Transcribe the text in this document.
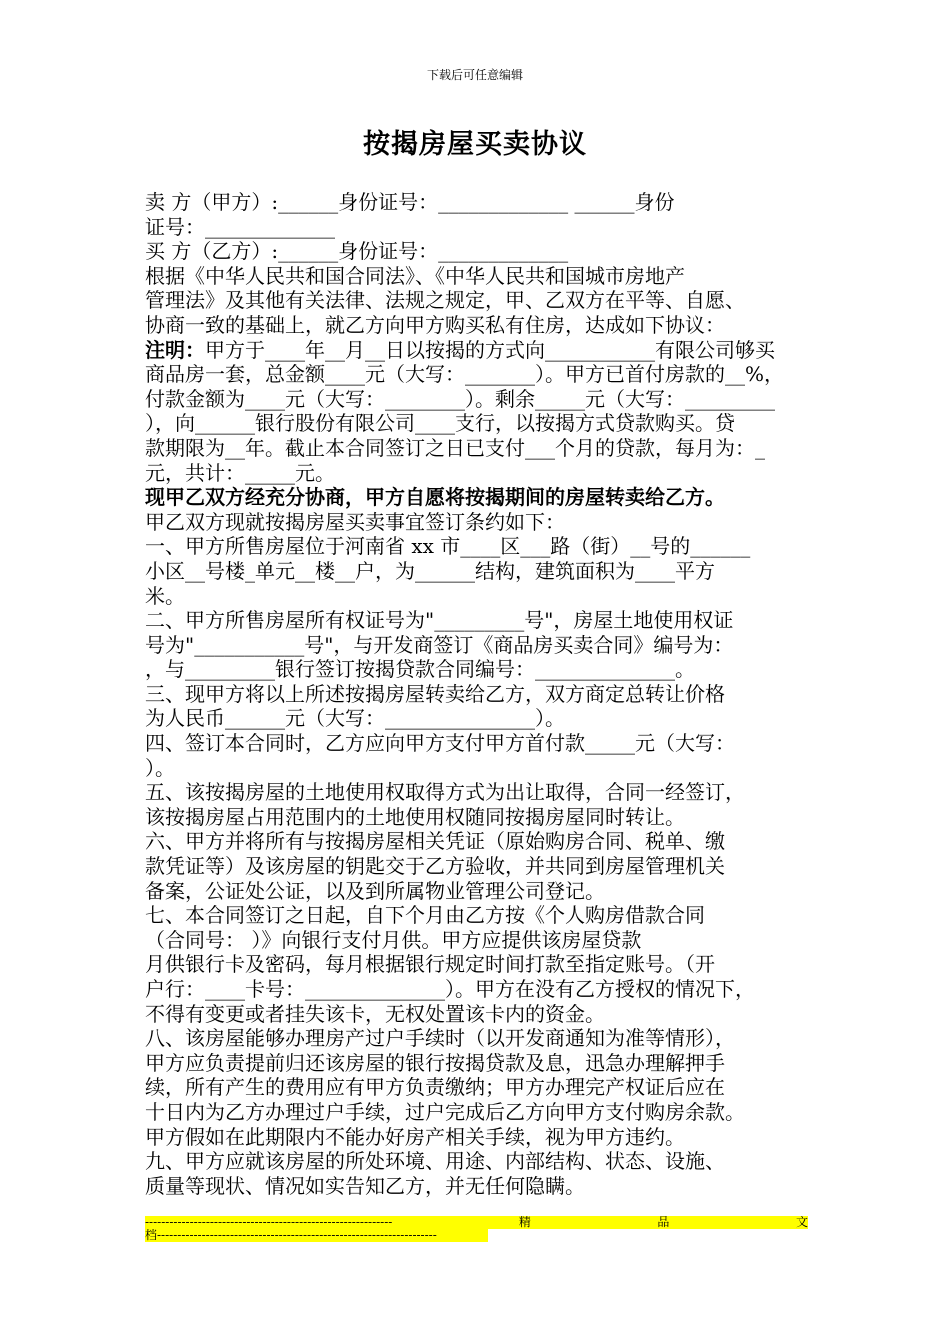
下载后可任意编辑
按揭房屋买卖协议
卖 方（甲方）:______身份证号：_____________ ______身份
证号：_____________
买 方（乙方）:______身份证号：_____________
根据《中华人民共和国合同法》、《中华人民共和国城市房地产
管理法》及其他有关法律、法规之规定，甲、乙双方在平等、自愿、
协商一致的基础上，就乙方向甲方购买私有住房，达成如下协议：
注明：甲方于____年__月__日以按揭的方式向___________有限公司够买
商品房一套，总金额____元（大写：_______）。甲方已首付房款的__%，
付款金额为____元（大写：________）。剩余_____元（大写：_________
），向______银行股份有限公司____支行，以按揭方式贷款购买。贷
款期限为__年。截止本合同签订之日已支付___个月的贷款，每月为：_
元，共计：_____元。
现甲乙双方经充分协商，甲方自愿将按揭期间的房屋转卖给乙方。
甲乙双方现就按揭房屋买卖事宜签订条约如下：
一、甲方所售房屋位于河南省 xx 市____区___路（街）__号的______
小区__号楼_单元__楼__户，为______结构，建筑面积为____平方
米。
二、甲方所售房屋所有权证号为"_________号"，房屋土地使用权证
号为"___________号"，与开发商签订《商品房买卖合同》编号为：
，与_________银行签订按揭贷款合同编号：______________。
三、现甲方将以上所述按揭房屋转卖给乙方，双方商定总转让价格
为人民币______元（大写：_______________）。
四、签订本合同时，乙方应向甲方支付甲方首付款_____元（大写：
）。
五、该按揭房屋的土地使用权取得方式为出让取得，合同一经签订，
该按揭房屋占用范围内的土地使用权随同按揭房屋同时转让。
六、甲方并将所有与按揭房屋相关凭证（原始购房合同、税单、缴
款凭证等）及该房屋的钥匙交于乙方验收，并共同到房屋管理机关
备案，公证处公证，以及到所属物业管理公司登记。
七、本合同签订之日起，自下个月由乙方按《个人购房借款合同
（合同号： ）》向银行支付月供。甲方应提供该房屋贷款
月供银行卡及密码，每月根据银行规定时间打款至指定账号。（开
户行：____卡号：______________）。甲方在没有乙方授权的情况下，
不得有变更或者挂失该卡，无权处置该卡内的资金。
八、该房屋能够办理房产过户手续时（以开发商通知为准等情形），
甲方应负责提前归还该房屋的银行按揭贷款及息，迅急办理解押手
续，所有产生的费用应有甲方负责缴纳；甲方办理完产权证后应在
十日内为乙方办理过户手续，过户完成后乙方向甲方支付购房余款。
甲方假如在此期限内不能办好房产相关手续，视为甲方违约。
九、甲方应就该房屋的所处环境、用途、内部结构、状态、设施、
质量等现状、情况如实告知乙方，并无任何隐瞒。
-------------------------------------------------------------	精	品	文
档---------------------------------------------------------------------
